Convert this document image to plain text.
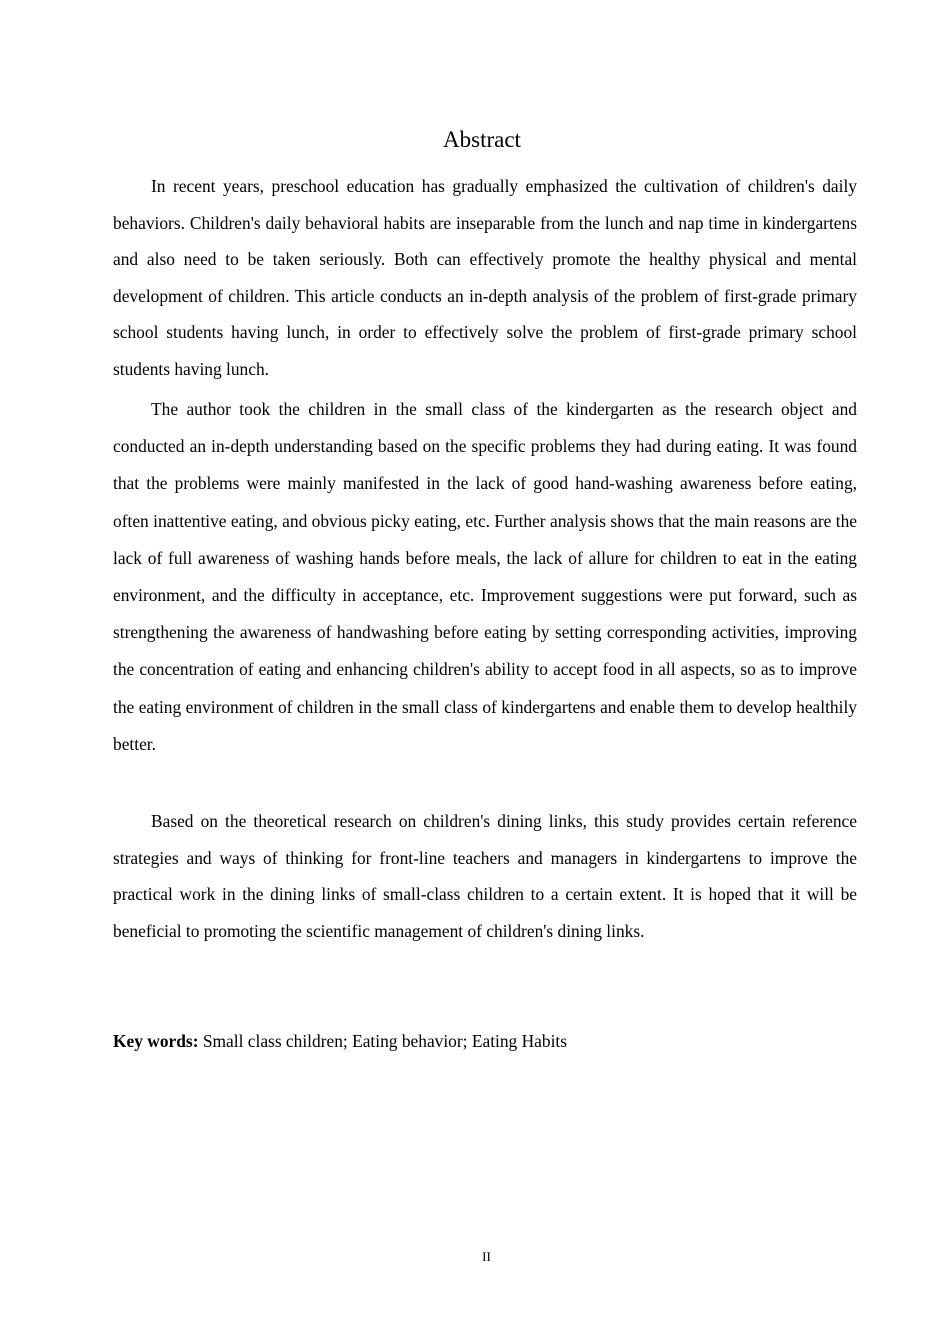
Abstract

In recent years, preschool education has gradually emphasized the cultivation of children's daily behaviors. Children's daily behavioral habits are inseparable from the lunch and nap time in kindergartens and also need to be taken seriously. Both can effectively promote the healthy physical and mental development of children. This article conducts an in-depth analysis of the problem of first-grade primary school students having lunch, in order to effectively solve the problem of first-grade primary school students having lunch.

The author took the children in the small class of the kindergarten as the research object and conducted an in-depth understanding based on the specific problems they had during eating. It was found that the problems were mainly manifested in the lack of good hand-washing awareness before eating, often inattentive eating, and obvious picky eating, etc. Further analysis shows that the main reasons are the lack of full awareness of washing hands before meals, the lack of allure for children to eat in the eating environment, and the difficulty in acceptance, etc. Improvement suggestions were put forward, such as strengthening the awareness of handwashing before eating by setting corresponding activities, improving the concentration of eating and enhancing children's ability to accept food in all aspects, so as to improve the eating environment of children in the small class of kindergartens and enable them to develop healthily better.

Based on the theoretical research on children's dining links, this study provides certain reference strategies and ways of thinking for front-line teachers and managers in kindergartens to improve the practical work in the dining links of small-class children to a certain extent. It is hoped that it will be beneficial to promoting the scientific management of children's dining links.

Key words: Small class children; Eating behavior; Eating Habits
II
